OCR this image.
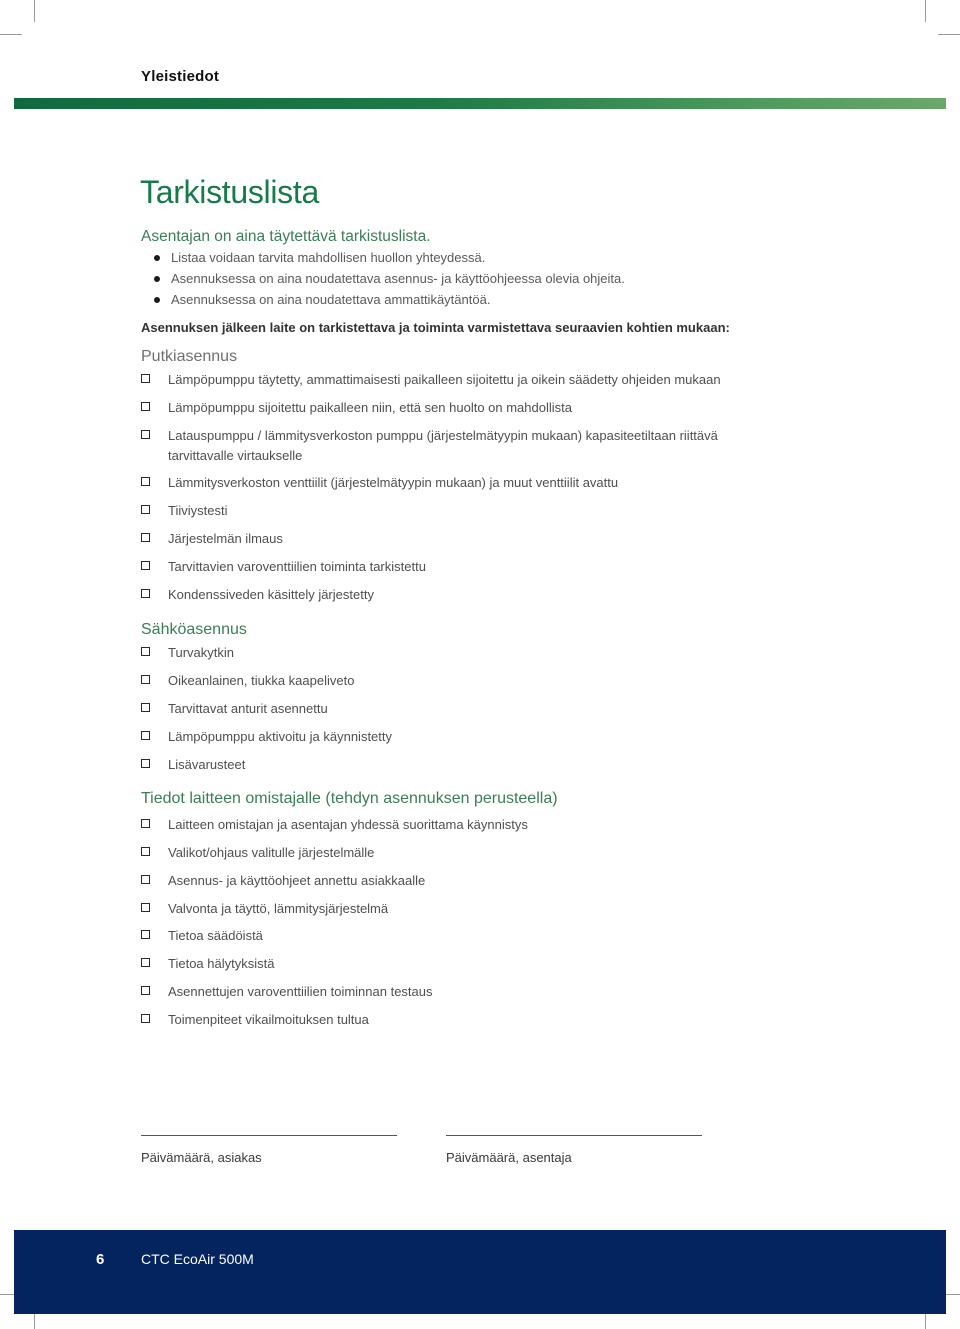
Yleistiedot
Tarkistuslista
Asentajan on aina täytettävä tarkistuslista.
Listaa voidaan tarvita mahdollisen huollon yhteydessä.
Asennuksessa on aina noudatettava asennus- ja käyttöohjeessa olevia ohjeita.
Asennuksessa on aina noudatettava ammattikäytäntöä.

Asennuksen jälkeen laite on tarkistettava ja toiminta varmistettava seuraavien kohtien mukaan:

Putkiasennus
Lämpöpumppu täytetty, ammattimaisesti paikalleen sijoitettu ja oikein säädetty ohjeiden mukaan
Lämpöpumppu sijoitettu paikalleen niin, että sen huolto on mahdollista
Latauspumppu / lämmitysverkoston pumppu (järjestelmätyypin mukaan) kapasiteetiltaan riittävä tarvittavalle virtaukselle
Lämmitysverkoston venttiilit (järjestelmätyypin mukaan) ja muut venttiilit avattu
Tiiviystesti
Järjestelmän ilmaus
Tarvittavien varoventtiilien toiminta tarkistettu
Kondenssiveden käsittely järjestetty
Sähköasennus
Turvakytkin
Oikeanlainen, tiukka kaapeliveto
Tarvittavat anturit asennettu
Lämpöpumppu aktivoitu ja käynnistetty
Lisävarusteet
Tiedot laitteen omistajalle (tehdyn asennuksen perusteella)
Laitteen omistajan ja asentajan yhdessä suorittama käynnistys
Valikot/ohjaus valitulle järjestelmälle
Asennus- ja käyttöohjeet annettu asiakkaalle
Valvonta ja täyttö, lämmitysjärjestelmä
Tietoa säädöistä
Tietoa hälytyksistä
Asennettujen varoventtiilien toiminnan testaus
Toimenpiteet vikailmoituksen tultua
Päivämäärä, asiakas	Päivämäärä, asentaja
6	CTC EcoAir 500M
